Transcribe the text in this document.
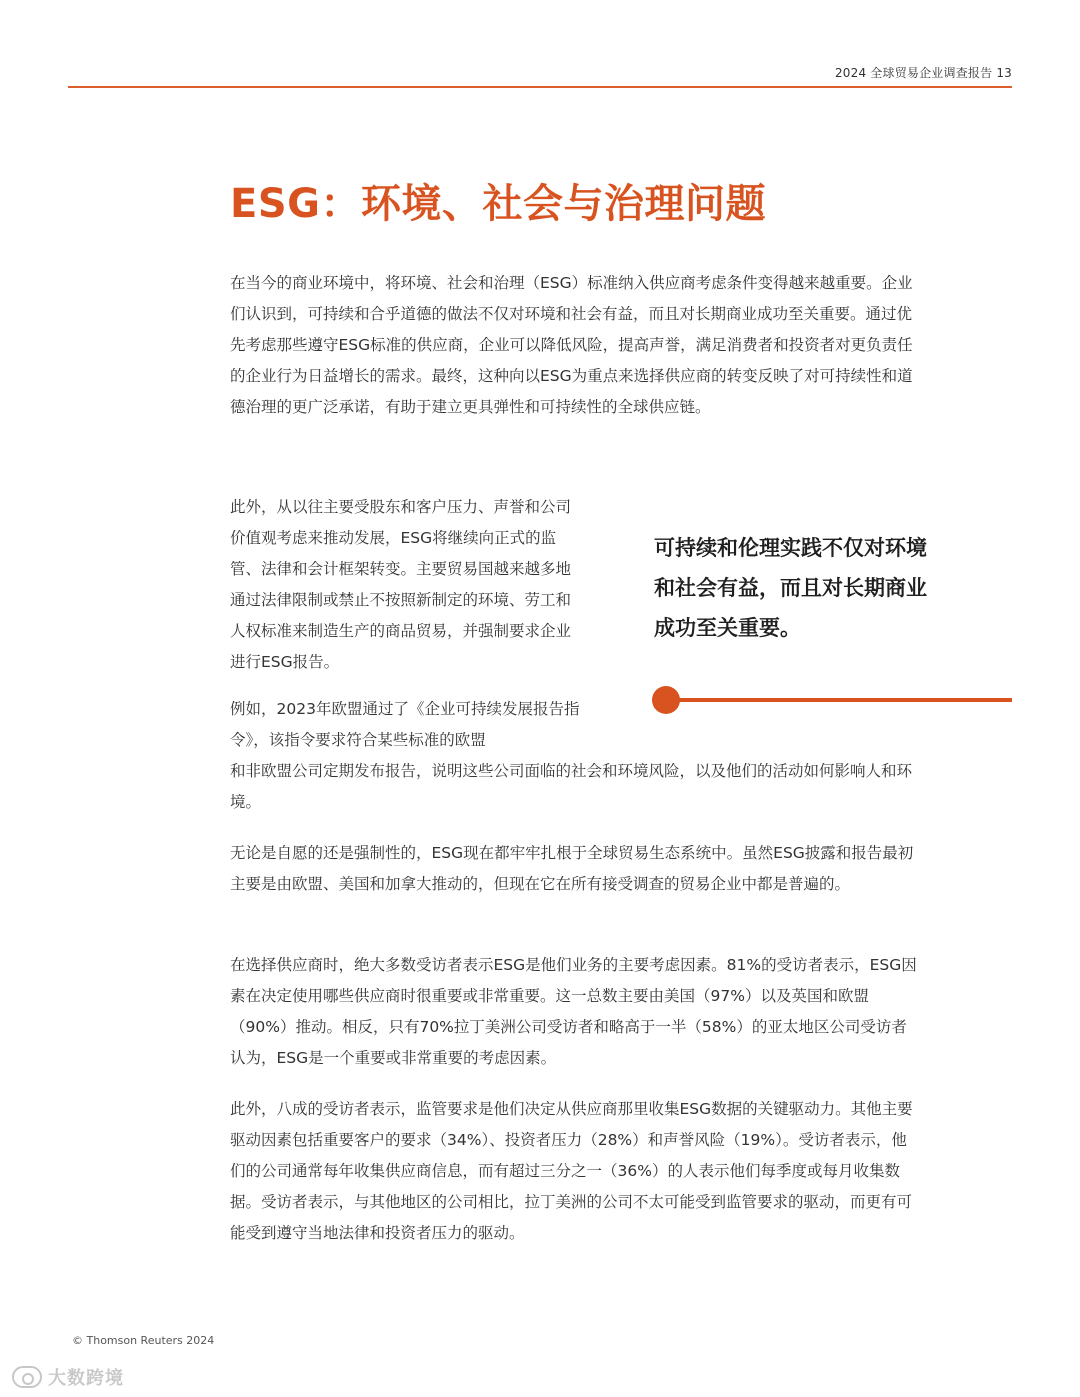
2024 全球贸易企业调查报告 13
ESG：环境、社会与治理问题

在当今的商业环境中，将环境、社会和治理（ESG）标准纳入供应商考虑条件变得越来越重要。企业们认识到，可持续和合乎道德的做法不仅对环境和社会有益，而且对长期商业成功至关重要。通过优先考虑那些遵守ESG标准的供应商，企业可以降低风险，提高声誉，满足消费者和投资者对更负责任的企业行为日益增长的需求。最终，这种向以ESG为重点来选择供应商的转变反映了对可持续性和道德治理的更广泛承诺，有助于建立更具弹性和可持续性的全球供应链。

此外，从以往主要受股东和客户压力、声誉和公司价值观考虑来推动发展，ESG将继续向正式的监管、法律和会计框架转变。主要贸易国越来越多地通过法律限制或禁止不按照新制定的环境、劳工和人权标准来制造生产的商品贸易，并强制要求企业进行ESG报告。

例如，2023年欧盟通过了《企业可持续发展报告指令》，该指令要求符合某些标准的欧盟

和非欧盟公司定期发布报告，说明这些公司面临的社会和环境风险，以及他们的活动如何影响人和环境。

可持续和伦理实践不仅对环境和社会有益，而且对长期商业成功至关重要。

无论是自愿的还是强制性的，ESG现在都牢牢扎根于全球贸易生态系统中。虽然ESG披露和报告最初主要是由欧盟、美国和加拿大推动的，但现在它在所有接受调查的贸易企业中都是普遍的。

在选择供应商时，绝大多数受访者表示ESG是他们业务的主要考虑因素。81%的受访者表示，ESG因素在决定使用哪些供应商时很重要或非常重要。这一总数主要由美国（97%）以及英国和欧盟（90%）推动。相反，只有70%拉丁美洲公司受访者和略高于一半（58%）的亚太地区公司受访者认为，ESG是一个重要或非常重要的考虑因素。

此外，八成的受访者表示，监管要求是他们决定从供应商那里收集ESG数据的关键驱动力。其他主要驱动因素包括重要客户的要求（34%）、投资者压力（28%）和声誉风险（19%）。受访者表示，他们的公司通常每年收集供应商信息，而有超过三分之一（36%）的人表示他们每季度或每月收集数据。受访者表示，与其他地区的公司相比，拉丁美洲的公司不太可能受到监管要求的驱动，而更有可能受到遵守当地法律和投资者压力的驱动。

© Thomson Reuters 2024
大数跨境
